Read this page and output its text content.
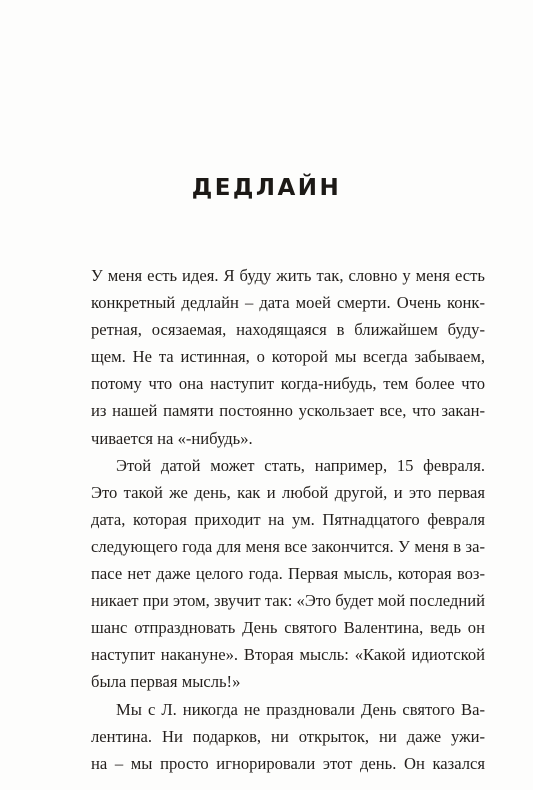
ДЕДЛАЙН

У меня есть идея. Я буду жить так, словно у меня есть
конкретный дедлайн – дата моей смерти. Очень конк-
ретная, осязаемая, находящаяся в ближайшем буду-
щем. Не та истинная, о которой мы всегда забываем,
потому что она наступит когда-нибудь, тем более что
из нашей памяти постоянно ускользает все, что закан-
чивается на «-нибудь».

Этой датой может стать, например, 15 февраля.
Это такой же день, как и любой другой, и это первая
дата, которая приходит на ум. Пятнадцатого февраля
следующего года для меня все закончится. У меня в за-
пасе нет даже целого года. Первая мысль, которая воз-
никает при этом, звучит так: «Это будет мой последний
шанс отпраздновать День святого Валентина, ведь он
наступит накануне». Вторая мысль: «Какой идиотской
была первая мысль!»

Мы с Л. никогда не праздновали День святого Ва-
лентина. Ни подарков, ни открыток, ни даже ужи-
на – мы просто игнорировали этот день. Он казался
